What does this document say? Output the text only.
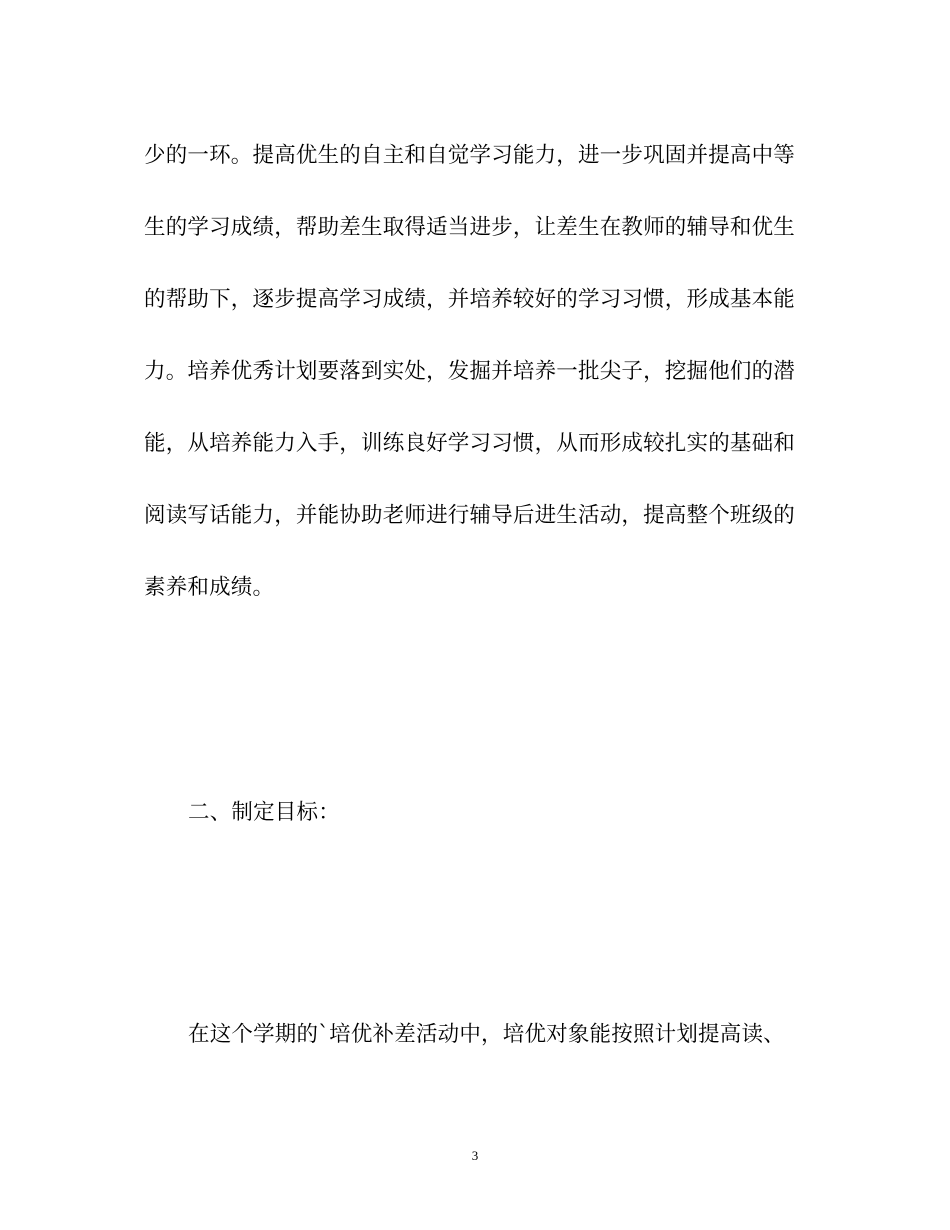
少的一环。提高优生的自主和自觉学习能力，进一步巩固并提高中等
生的学习成绩，帮助差生取得适当进步，让差生在教师的辅导和优生
的帮助下，逐步提高学习成绩，并培养较好的学习习惯，形成基本能
力。培养优秀计划要落到实处，发掘并培养一批尖子，挖掘他们的潜
能，从培养能力入手，训练良好学习习惯，从而形成较扎实的基础和
阅读写话能力，并能协助老师进行辅导后进生活动，提高整个班级的
素养和成绩。
二、制定目标：
在这个学期的`培优补差活动中，培优对象能按照计划提高读、
3
